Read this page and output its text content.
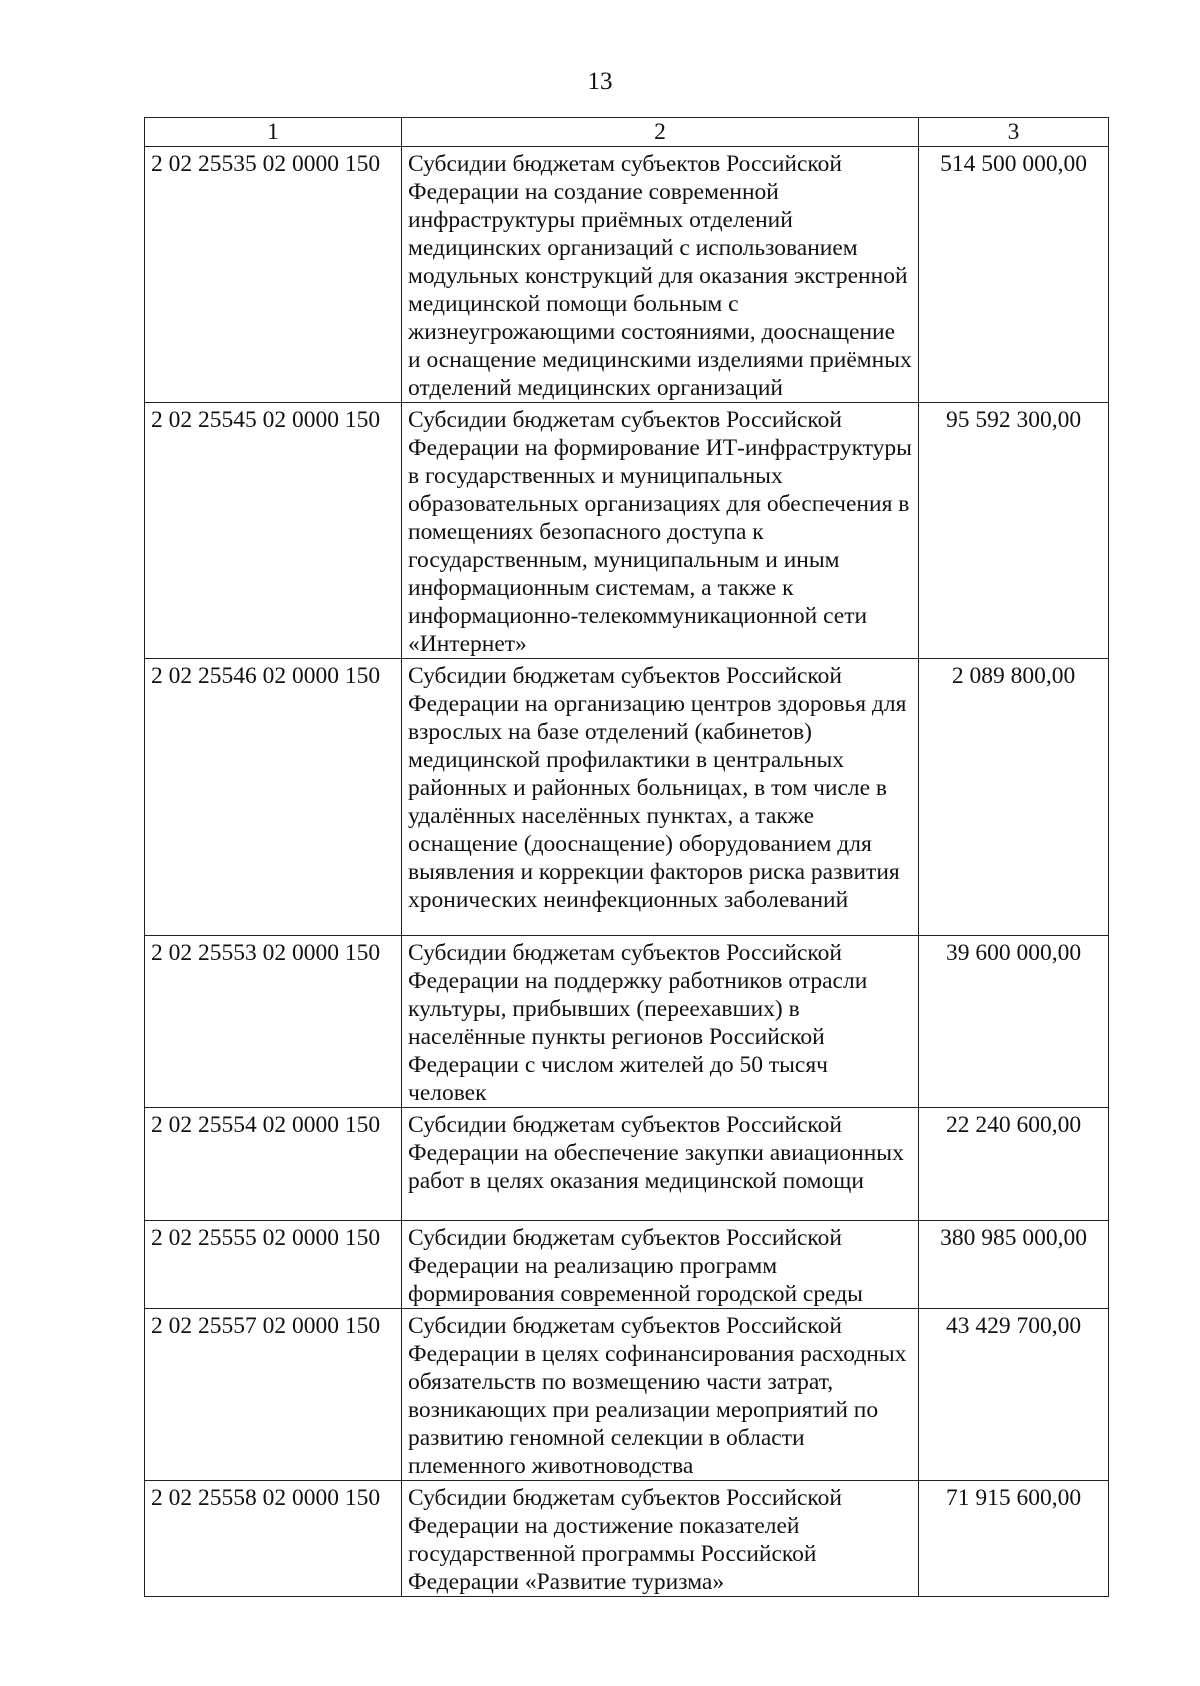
13
1	2	3
2 02 25535 02 0000 150	Субсидии бюджетам субъектов Российской Федерации на создание современной инфраструктуры приёмных отделений медицинских организаций с использованием модульных конструкций для оказания экстренной медицинской помощи больным с жизнеугрожающими состояниями, дооснащение и оснащение медицинскими изделиями приёмных отделений медицинских организаций	514 500 000,00
2 02 25545 02 0000 150	Субсидии бюджетам субъектов Российской Федерации на формирование ИТ-инфраструктуры в государственных и муниципальных образовательных организациях для обеспечения в помещениях безопасного доступа к государственным, муниципальным и иным информационным системам, а также к информационно-телекоммуникационной сети «Интернет»	95 592 300,00
2 02 25546 02 0000 150	Субсидии бюджетам субъектов Российской Федерации на организацию центров здоровья для взрослых на базе отделений (кабинетов) медицинской профилактики в центральных районных и районных больницах, в том числе в удалённых населённых пунктах, а также оснащение (дооснащение) оборудованием для выявления и коррекции факторов риска развития хронических неинфекционных заболеваний	2 089 800,00
2 02 25553 02 0000 150	Субсидии бюджетам субъектов Российской Федерации на поддержку работников отрасли культуры, прибывших (переехавших) в населённые пункты регионов Российской Федерации с числом жителей до 50 тысяч человек	39 600 000,00
2 02 25554 02 0000 150	Субсидии бюджетам субъектов Российской Федерации на обеспечение закупки авиационных работ в целях оказания медицинской помощи	22 240 600,00
2 02 25555 02 0000 150	Субсидии бюджетам субъектов Российской Федерации на реализацию программ формирования современной городской среды	380 985 000,00
2 02 25557 02 0000 150	Субсидии бюджетам субъектов Российской Федерации в целях софинансирования расходных обязательств по возмещению части затрат, возникающих при реализации мероприятий по развитию геномной селекции в области племенного животноводства	43 429 700,00
2 02 25558 02 0000 150	Субсидии бюджетам субъектов Российской Федерации на достижение показателей государственной программы Российской Федерации «Развитие туризма»	71 915 600,00
